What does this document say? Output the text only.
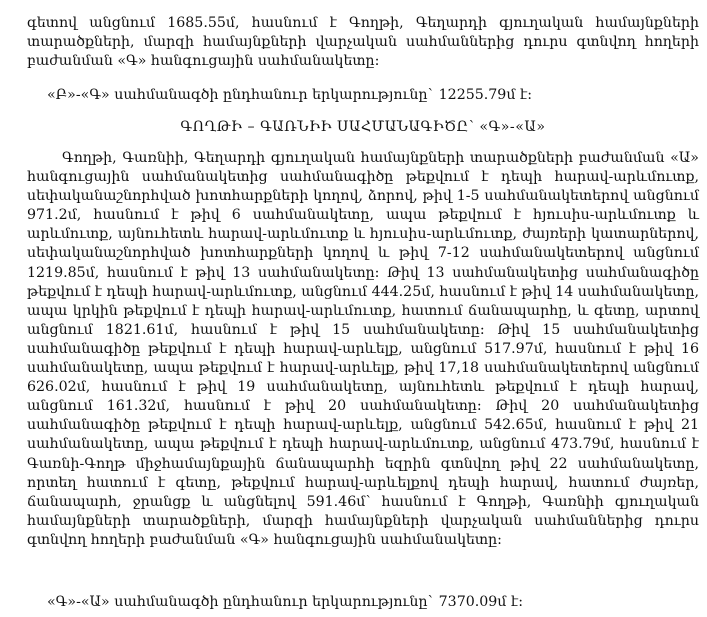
գետով անցնում 1685.55մ, հասնում է Գողթի, Գեղարդի գյուղական համայնքների տարածքների, մարզի համայնքների վարչական սահմաններից դուրս գտնվող հողերի բաժանման «Գ» հանգուցային սահմանակետը:
«Բ»-«Գ» սահմանագծի ընդհանուր երկարությունը՝ 12255.79մ է:
ԳՈՂԹԻ – ԳԱՌՆԻԻ ՍԱՀՄԱՆԱԳԻԾԸ՝ «Գ»-«Ա»
Գողթի, Գառնիի, Գեղարդի գյուղական համայնքների տարածքների բաժանման «Ա» հանգուցային սահմանակետից սահմանագիծը թեքվում է դեպի հարավ-արևմուտք, սեփականաշնորհված խոտհարքների կողով, ձորով, թիվ 1-5 սահմանակետերով անցնում 971.2մ, հասնում է թիվ 6 սահմանակետը, ապա թեքվում է հյուսիս-արևմուտք և արևմուտք, այնուհետև հարավ-արևմուտք և հյուսիս-արևմուտք, ժայռերի կատարներով, սեփականաշնորհված խոտհարքների կողով և թիվ 7-12 սահմանակետերով անցնում 1219.85մ, հասնում է թիվ 13 սահմանակետը: Թիվ 13 սահմանակետից սահմանագիծը թեքվում է դեպի հարավ-արևմուտք, անցնում 444.25մ, հասնում է թիվ 14 սահմանակետը, ապա կրկին թեքվում է դեպի հարավ-արևմուտք, հատում ճանապարհը, և գետը, արտով անցնում 1821.61մ, հասնում է թիվ 15 սահմանակետը: Թիվ 15 սահմանակետից սահմանագիծը թեքվում է դեպի հարավ-արևելք, անցնում 517.97մ, հասնում է թիվ 16 սահմանակետը, ապա թեքվում է հարավ-արևելք, թիվ 17,18 սահմանակետերով անցնում 626.02մ, հասնում է թիվ 19 սահմանակետը, այնուհետև թեքվում է դեպի հարավ, անցնում 161.32մ, հասնում է թիվ 20 սահմանակետը: Թիվ 20 սահմանակետից սահմանագիծը թեքվում է դեպի հարավ-արևելք, անցնում 542.65մ, հասնում է թիվ 21 սահմանակետը, ապա թեքվում է դեպի հարավ-արևմուտք, անցնում 473.79մ, հասնում է Գառնի-Գողթ միջհամայնքային ճանապարհի եզրին գտնվող թիվ 22 սահմանակետը, որտեղ հատում է գետը, թեքվում հարավ-արևելքով դեպի հարավ, հատում ժայռեր, ճանապարհ, ջրանցք և անցնելով 591.46մ՝ հասնում է Գողթի, Գառնիի գյուղական համայնքների տարածքների, մարզի համայնքների վարչական սահմաններից դուրս գտնվող հողերի բաժանման «Գ» հանգուցային սահմանակետը:
«Գ»-«Ա» սահմանագծի ընդհանուր երկարությունը՝ 7370.09մ է:
